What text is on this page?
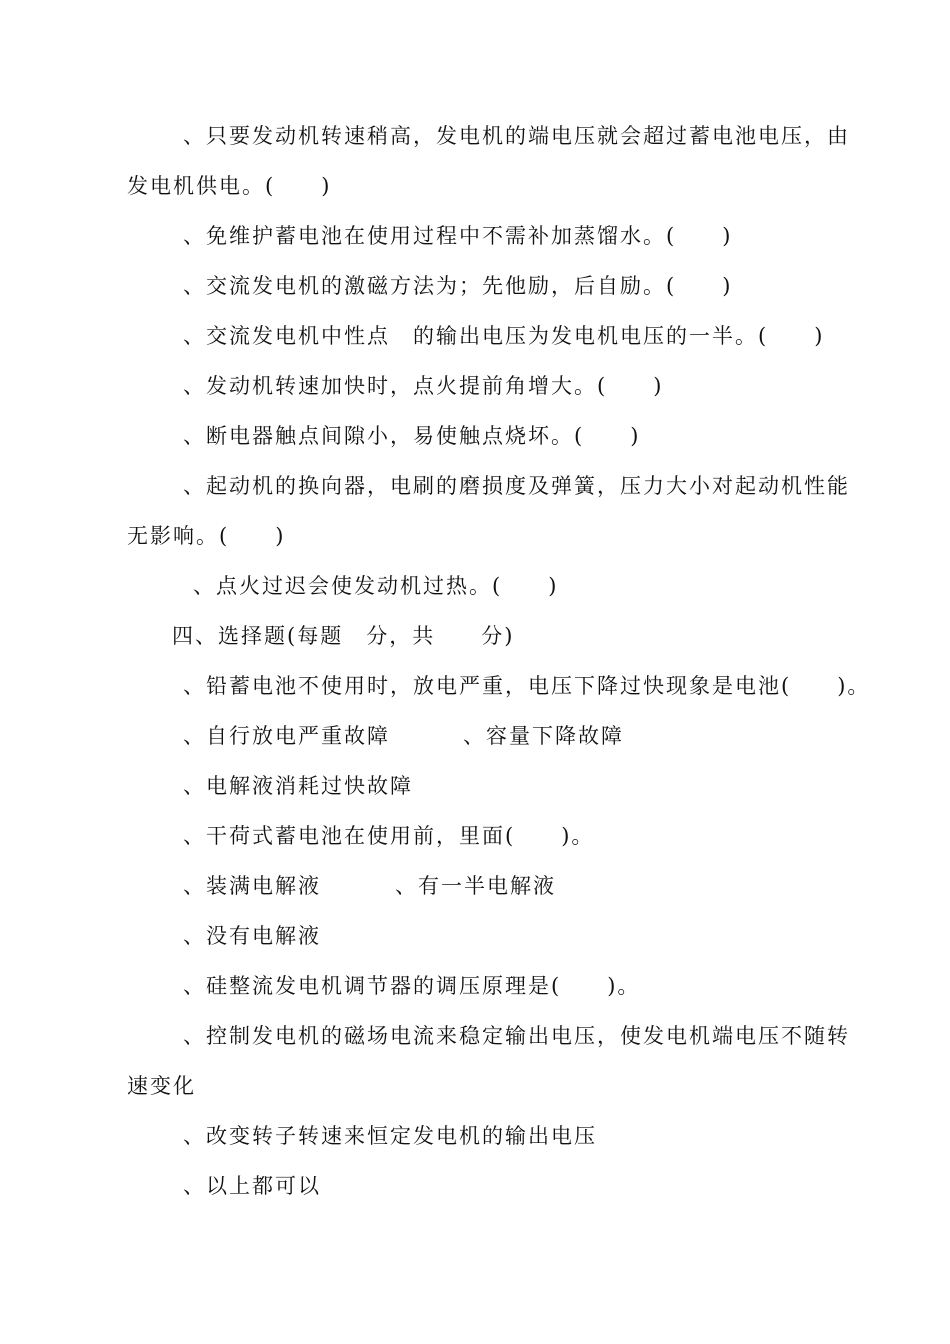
、只要发动机转速稍高，发电机的端电压就会超过蓄电池电压，由
发电机供电。(　　)
、免维护蓄电池在使用过程中不需补加蒸馏水。(　　)
、交流发电机的激磁方法为；先他励，后自励。(　　)
、交流发电机中性点　的输出电压为发电机电压的一半。(　　)
、发动机转速加快时，点火提前角增大。(　　)
、断电器触点间隙小，易使触点烧坏。(　　)
、起动机的换向器，电刷的磨损度及弹簧，压力大小对起动机性能
无影响。(　　)
、点火过迟会使发动机过热。(　　)
四、选择题(每题　分，共　　分)
、铅蓄电池不使用时，放电严重，电压下降过快现象是电池(　　)。
、自行放电严重故障	、容量下降故障
、电解液消耗过快故障
、干荷式蓄电池在使用前，里面(　　)。
、装满电解液	、有一半电解液
、没有电解液
、硅整流发电机调节器的调压原理是(　　)。
、控制发电机的磁场电流来稳定输出电压，使发电机端电压不随转
速变化
、改变转子转速来恒定发电机的输出电压
、以上都可以
